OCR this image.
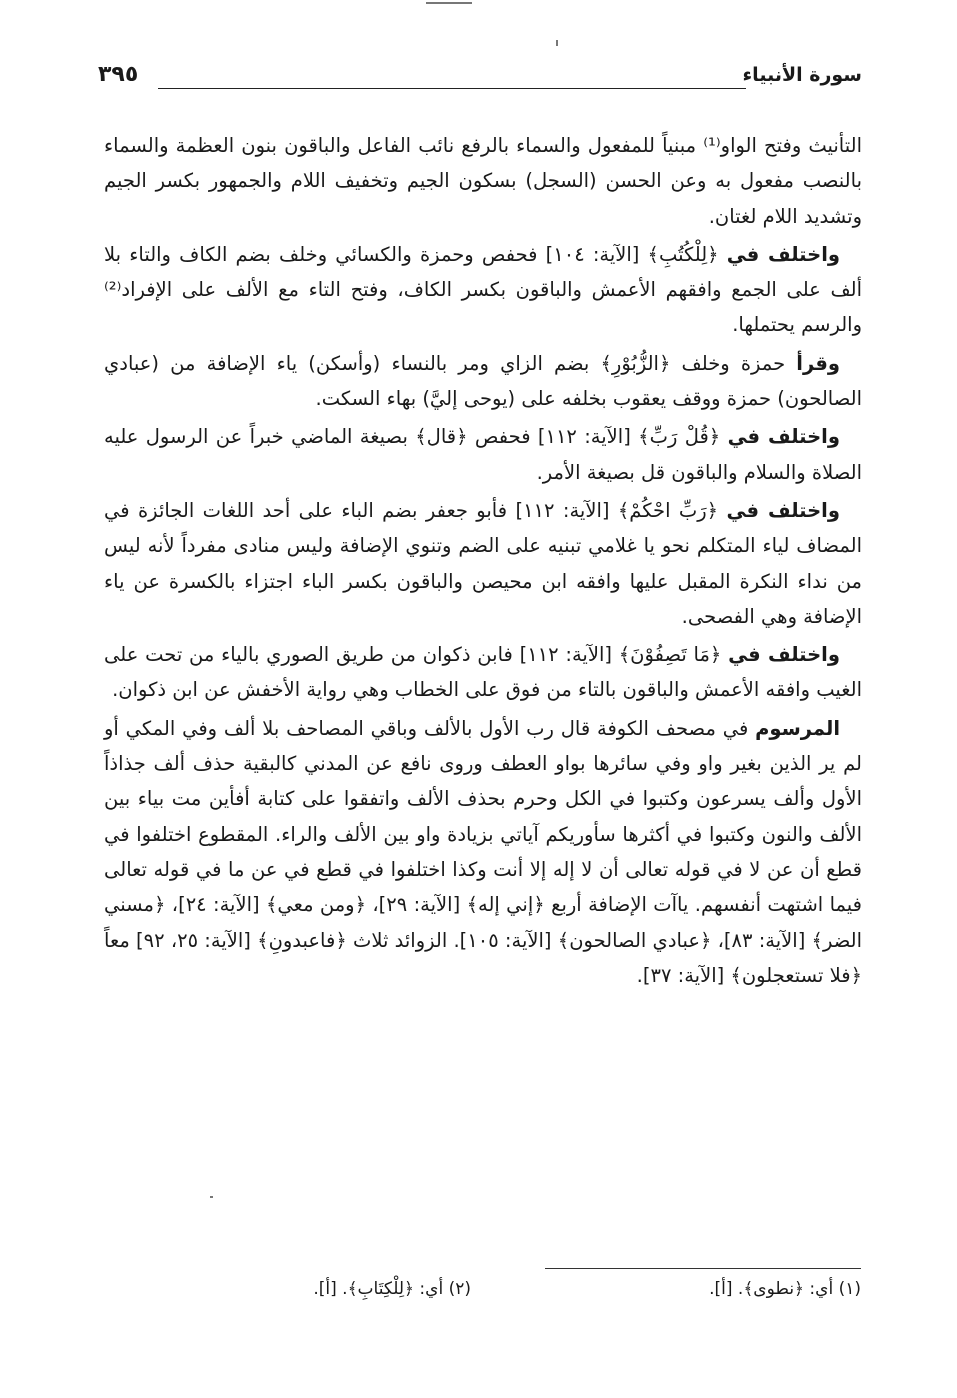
سورة الأنبياء
٣٩٥

التأنيث وفتح الواو⁽¹⁾ مبنياً للمفعول والسماء بالرفع نائب الفاعل والباقون بنون العظمة والسماء بالنصب مفعول به وعن الحسن (السجل) بسكون الجيم وتخفيف اللام والجمهور بكسر الجيم وتشديد اللام لغتان.

واختلف في ﴿لِلْكُتُبِ﴾ [الآية: ١٠٤] فحفص وحمزة والكسائي وخلف بضم الكاف والتاء بلا ألف على الجمع وافقهم الأعمش والباقون بكسر الكاف، وفتح التاء مع الألف على الإفراد⁽²⁾ والرسم يحتملها.

وقرأ حمزة وخلف ﴿الزُّبُوْرِ﴾ بضم الزاي ومر بالنساء (وأسكن) ياء الإضافة من (عبادي الصالحون) حمزة ووقف يعقوب بخلفه على (يوحى إليَّ) بهاء السكت.

واختلف في ﴿قُلْ رَبِّ﴾ [الآية: ١١٢] فحفص ﴿قال﴾ بصيغة الماضي خبراً عن الرسول عليه الصلاة والسلام والباقون قل بصيغة الأمر.

واختلف في ﴿رَبِّ احْكُمْ﴾ [الآية: ١١٢] فأبو جعفر بضم الباء على أحد اللغات الجائزة في المضاف لياء المتكلم نحو يا غلامي تبنيه على الضم وتنوي الإضافة وليس منادى مفرداً لأنه ليس من نداء النكرة المقبل عليها وافقه ابن محيصن والباقون بكسر الباء اجتزاء بالكسرة عن ياء الإضافة وهي الفصحى.

واختلف في ﴿مَا تَصِفُوْنَ﴾ [الآية: ١١٢] فابن ذكوان من طريق الصوري بالياء من تحت على الغيب وافقه الأعمش والباقون بالتاء من فوق على الخطاب وهي رواية الأخفش عن ابن ذكوان.

المرسوم في مصحف الكوفة قال رب الأول بالألف وباقي المصاحف بلا ألف وفي المكي أو لم ير الذين بغير واو وفي سائرها بواو العطف وروى نافع عن المدني كالبقية حذف ألف جذاذاً الأول وألف يسرعون وكتبوا في الكل وحرم بحذف الألف واتفقوا على كتابة أفأين مت بياء بين الألف والنون وكتبوا في أكثرها سأوريكم آياتي بزيادة واو بين الألف والراء. المقطوع اختلفوا في قطع أن عن لا في قوله تعالى أن لا إله إلا أنت وكذا اختلفوا في قطع في عن ما في قوله تعالى فيما اشتهت أنفسهم. ياآت الإضافة أربع ﴿إني إله﴾ [الآية: ٢٩]، ﴿ومن معي﴾ [الآية: ٢٤]، ﴿مسني الضر﴾ [الآية: ٨٣]، ﴿عبادي الصالحون﴾ [الآية: ١٠٥]. الزوائد ثلاث ﴿فاعبدونِ﴾ [الآية: ٢٥، ٩٢] معاً ﴿فلا تستعجلون﴾ [الآية: ٣٧].

(١) أي: ﴿نطوى﴾. [أ].
(٢) أي: ﴿لِلْكِتَابِ﴾. [أ].
